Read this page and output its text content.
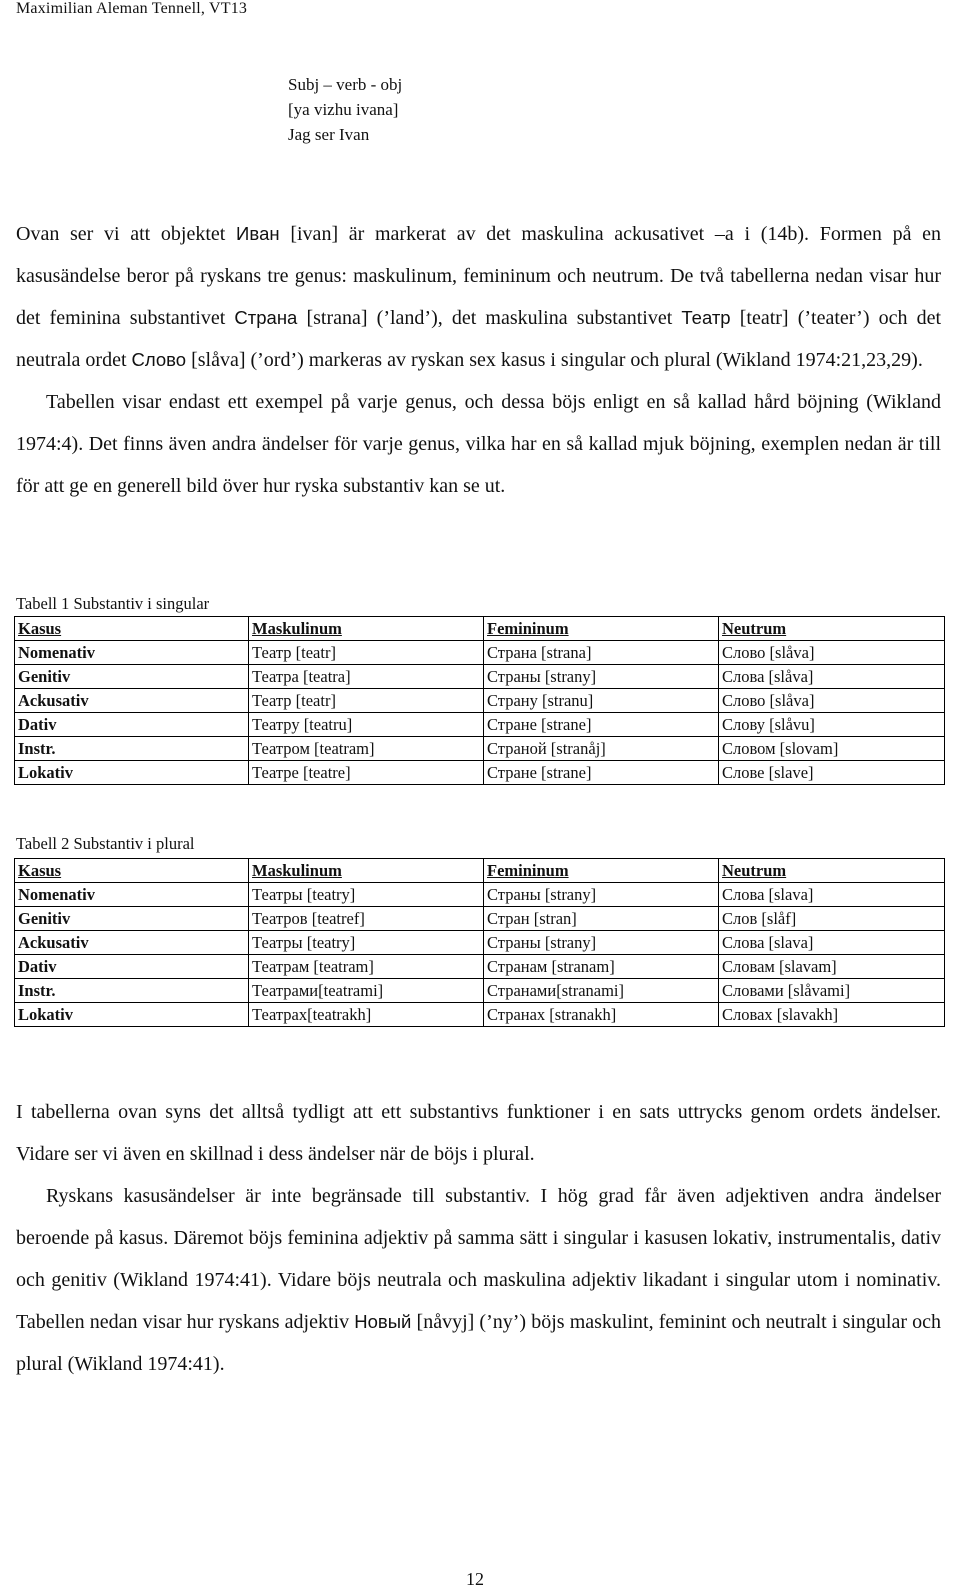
Maximilian Aleman Tennell, VT13
Subj – verb - obj
[ya vizhu ivana]
Jag ser Ivan

Ovan ser vi att objektet Ивaн [ivan] är markerat av det maskulina ackusativet –a i (14b). Formen på en kasusändelse beror på ryskans tre genus: maskulinum, femininum och neutrum. De två tabellerna nedan visar hur det feminina substantivet Страна [strana] (’land’), det maskulina substantivet Театр [teatr] (’teater’) och det neutrala ordet Слово [slåva] (’ord’) markeras av ryskan sex kasus i singular och plural (Wikland 1974:21,23,29).

Tabellen visar endast ett exempel på varje genus, och dessa böjs enligt en så kallad hård böjning (Wikland 1974:4). Det finns även andra ändelser för varje genus, vilka har en så kallad mjuk böjning, exemplen nedan är till för att ge en generell bild över hur ryska substantiv kan se ut.

Tabell 1 Substantiv i singular
Kasus	Maskulinum	Femininum	Neutrum
Nomenativ	Театр [teatr]	Страна [strana]	Слово [slåva]
Genitiv	Театра [teatra]	Страны [strany]	Слова [slåva]
Ackusativ	Театр [teatr]	Страну [stranu]	Слово [slåva]
Dativ	Театру [teatru]	Стране [strane]	Слову [slåvu]
Instr.	Театром [teatram]	Страной [stranåj]	Словом [slovam]
Lokativ	Театре [teatre]	Стране [strane]	Слове [slave]
Tabell 2 Substantiv i plural
Kasus	Maskulinum	Femininum	Neutrum
Nomenativ	Театры [teatry]	Страны [strany]	Слова [slava]
Genitiv	Театров [teatref]	Стран [stran]	Слов [slåf]
Ackusativ	Театры [teatry]	Страны [strany]	Слова [slava]
Dativ	Театрам [teatram]	Странам [stranam]	Словам [slavam]
Instr.	Театрами[teatrami]	Странами[stranami]	Словами [slåvami]
Lokativ	Театрах[teatrakh]	Странах [stranakh]	Словах [slavakh]
I tabellerna ovan syns det alltså tydligt att ett substantivs funktioner i en sats uttrycks genom ordets ändelser. Vidare ser vi även en skillnad i dess ändelser när de böjs i plural.
Ryskans kasusändelser är inte begränsade till substantiv. I hög grad får även adjektiven andra ändelser beroende på kasus. Däremot böjs feminina adjektiv på samma sätt i singular i kasusen lokativ, instrumentalis, dativ och genitiv (Wikland 1974:41). Vidare böjs neutrala och maskulina adjektiv likadant i singular utom i nominativ. Tabellen nedan visar hur ryskans adjektiv Новый [nåvyj] (’ny’) böjs maskulint, feminint och neutralt i singular och plural (Wikland 1974:41).
12
